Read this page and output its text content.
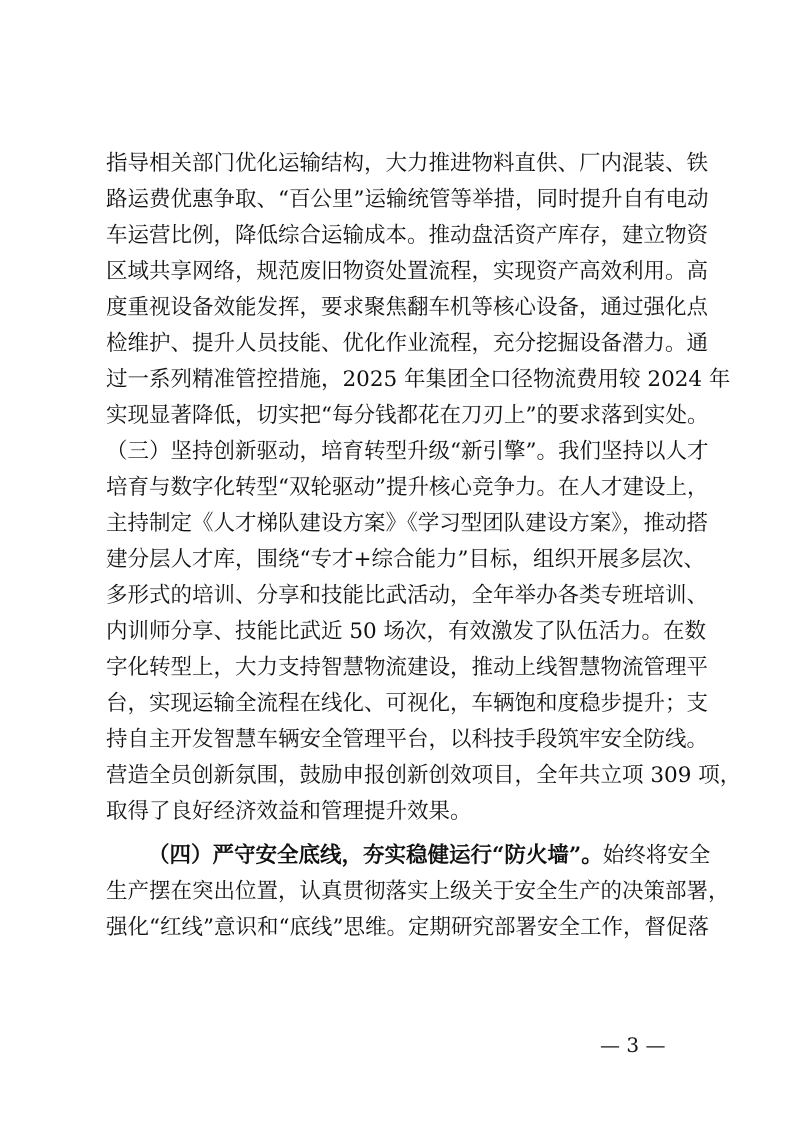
指导相关部门优化运输结构，大力推进物料直供、厂内混装、铁
路运费优惠争取、“百公里”运输统管等举措，同时提升自有电动
车运营比例，降低综合运输成本。推动盘活资产库存，建立物资
区域共享网络，规范废旧物资处置流程，实现资产高效利用。高
度重视设备效能发挥，要求聚焦翻车机等核心设备，通过强化点
检维护、提升人员技能、优化作业流程，充分挖掘设备潜力。通
过一系列精准管控措施，2025 年集团全口径物流费用较 2024 年
实现显著降低，切实把“每分钱都花在刀刃上”的要求落到实处。
（三）坚持创新驱动，培育转型升级“新引擎”。我们坚持以人才
培育与数字化转型“双轮驱动”提升核心竞争力。在人才建设上，
主持制定《人才梯队建设方案》《学习型团队建设方案》，推动搭
建分层人才库，围绕“专才+综合能力”目标，组织开展多层次、
多形式的培训、分享和技能比武活动，全年举办各类专班培训、
内训师分享、技能比武近 50 场次，有效激发了队伍活力。在数
字化转型上，大力支持智慧物流建设，推动上线智慧物流管理平
台，实现运输全流程在线化、可视化，车辆饱和度稳步提升；支
持自主开发智慧车辆安全管理平台，以科技手段筑牢安全防线。
营造全员创新氛围，鼓励申报创新创效项目，全年共立项 309 项，
取得了良好经济效益和管理提升效果。
（四）严守安全底线，夯实稳健运行“防火墙”。始终将安全
生产摆在突出位置，认真贯彻落实上级关于安全生产的决策部署，
强化“红线”意识和“底线”思维。定期研究部署安全工作，督促落
— 3 —
